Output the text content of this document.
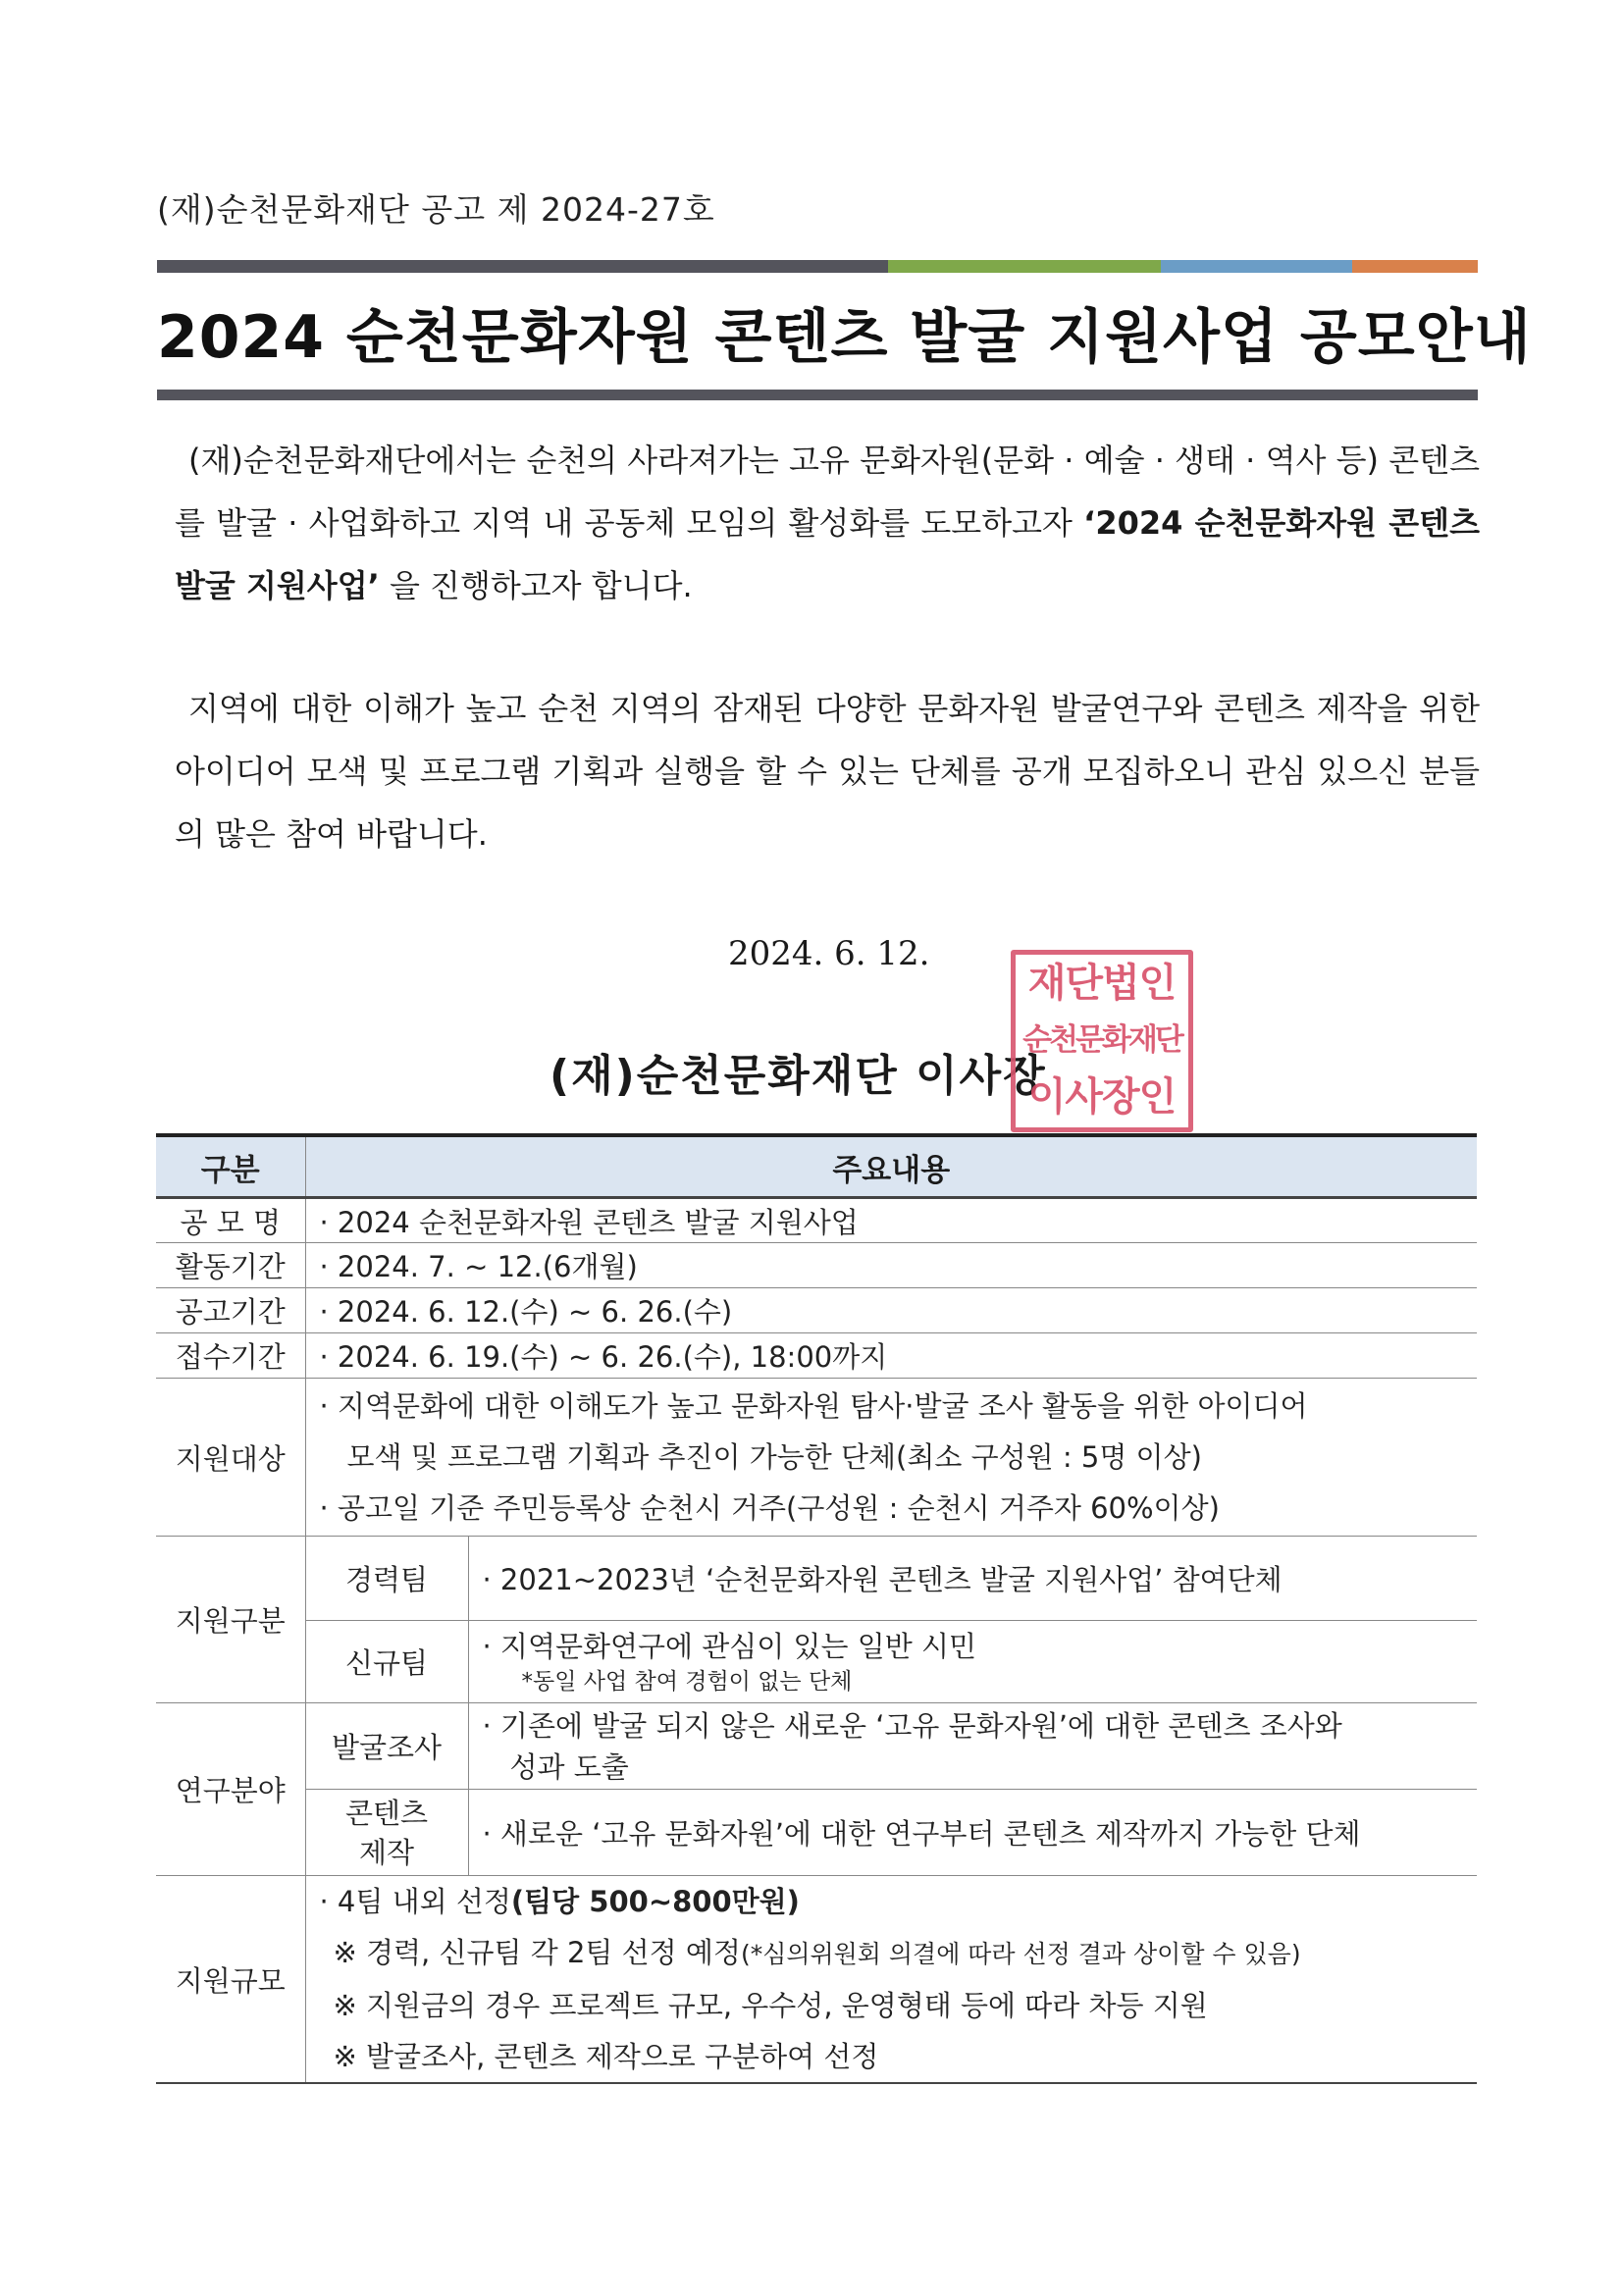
(재)순천문화재단 공고 제 2024-27호
2024 순천문화자원 콘텐츠 발굴 지원사업 공모안내
(재)순천문화재단에서는 순천의 사라져가는 고유 문화자원(문화 · 예술 · 생태 · 역사 등) 콘텐츠를 발굴 · 사업화하고 지역 내 공동체 모임의 활성화를 도모하고자 ‘2024 순천문화자원 콘텐츠 발굴 지원사업’ 을 진행하고자 합니다.
지역에 대한 이해가 높고 순천 지역의 잠재된 다양한 문화자원 발굴연구와 콘텐츠 제작을 위한 아이디어 모색 및 프로그램 기획과 실행을 할 수 있는 단체를 공개 모집하오니 관심 있으신 분들의 많은 참여 바랍니다.
2024. 6. 12.
(재)순천문화재단 이사장
재단법인
순천문화재단
이사장인
구분	주요내용	
공 모 명	· 2024 순천문화자원 콘텐츠 발굴 지원사업	
활동기간	· 2024. 7. ~ 12.(6개월)	
공고기간	· 2024. 6. 12.(수) ~ 6. 26.(수)	
접수기간	· 2024. 6. 19.(수) ~ 6. 26.(수), 18:00까지	
지원대상	· 지역문화에 대한 이해도가 높고 문화자원 탐사·발굴 조사 활동을 위한 아이디어
모색 및 프로그램 기획과 추진이 가능한 단체(최소 구성원 : 5명 이상)
· 공고일 기준 주민등록상 순천시 거주(구성원 : 순천시 거주자 60%이상)	

지원구분	경력팀	· 2021~2023년 ‘순천문화자원 콘텐츠 발굴 지원사업’ 참여단체
	신규팀	· 지역문화연구에 관심이 있는 일반 시민
*동일 사업 참여 경험이 없는 단체

연구분야	발굴조사	· 기존에 발굴 되지 않은 새로운 ‘고유 문화자원’에 대한 콘텐츠 조사와
성과 도출

	콘텐츠
제작	· 새로운 ‘고유 문화자원’에 대한 연구부터 콘텐츠 제작까지 가능한 단체
지원규모	· 4팀 내외 선정(팀당 500~800만원)
※ 경력, 신규팀 각 2팀 선정 예정(*심의위원회 의결에 따라 선정 결과 상이할 수 있음)
※ 지원금의 경우 프로젝트 규모, 우수성, 운영형태 등에 따라 차등 지원
※ 발굴조사, 콘텐츠 제작으로 구분하여 선정	
